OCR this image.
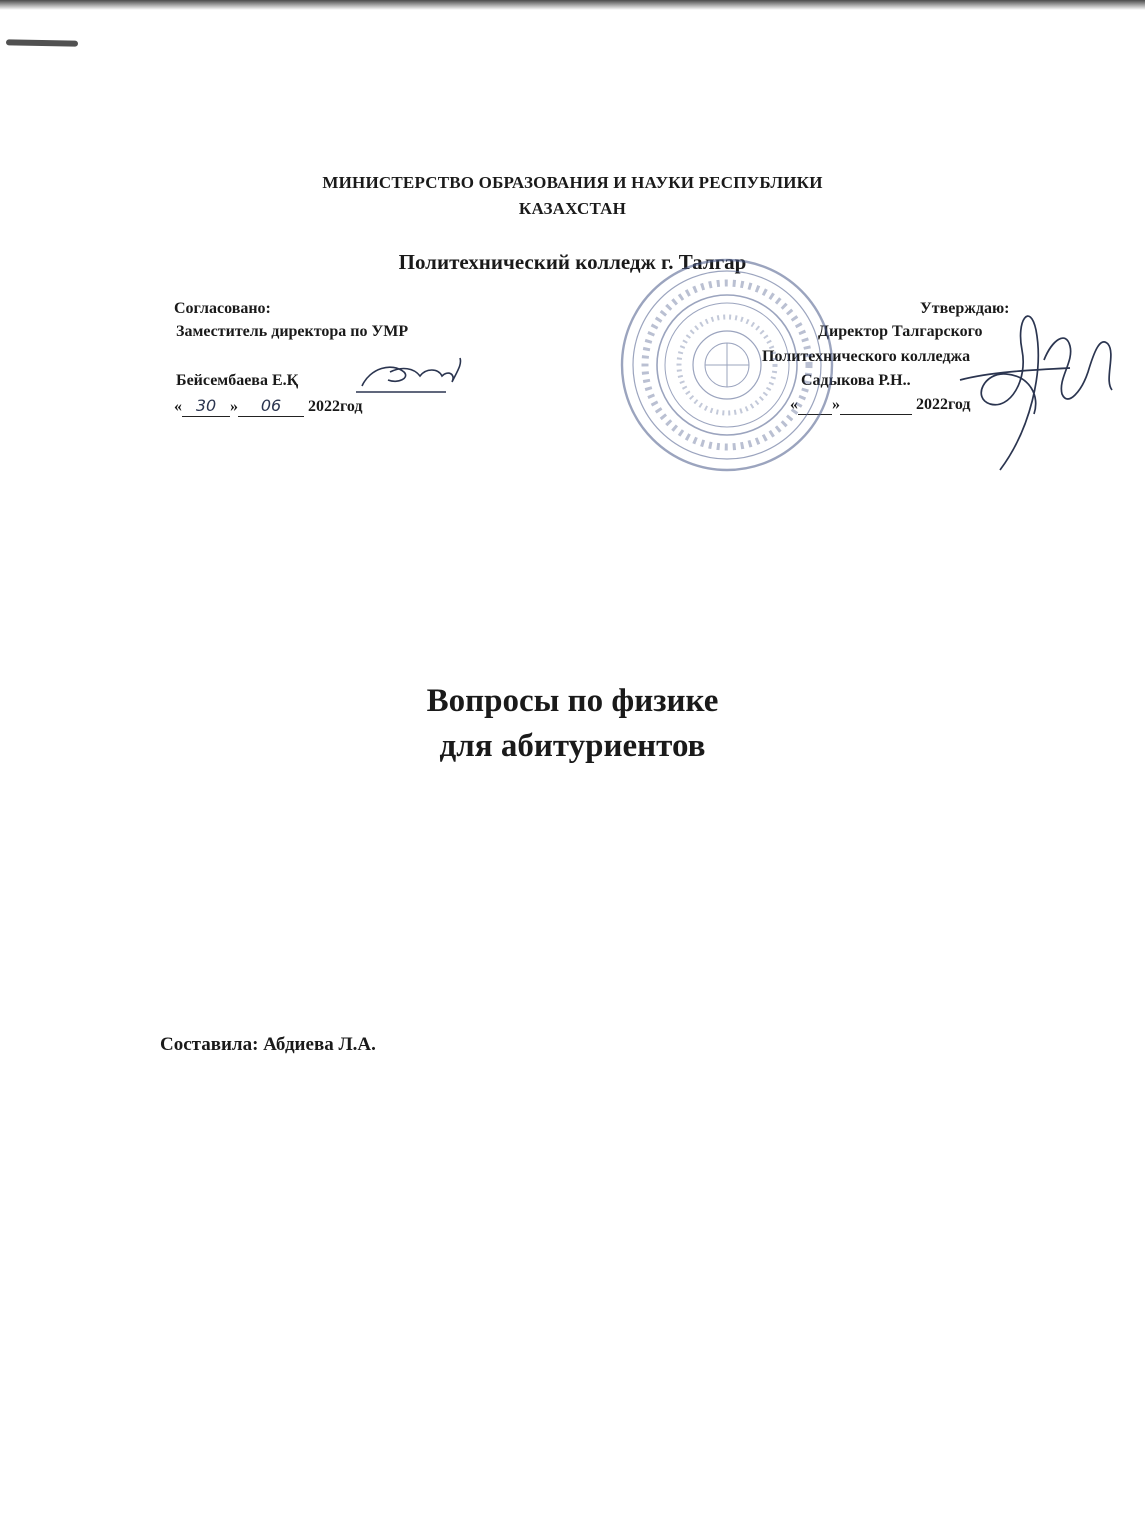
МИНИСТЕРСТВО ОБРАЗОВАНИЯ И НАУКИ РЕСПУБЛИКИ
КАЗАХСТАН
Политехнический колледж г. Талгар
Согласовано:
Заместитель директора по УМР
Бейсембаева Е.Қ
« 30 » 06 2022год
Утверждаю:
Директор Талгарского
Политехнического колледжа
Садыкова Р.Н..
« »	2022год
Вопросы по физике
для абитуриентов
Составила: Абдиева Л.А.
